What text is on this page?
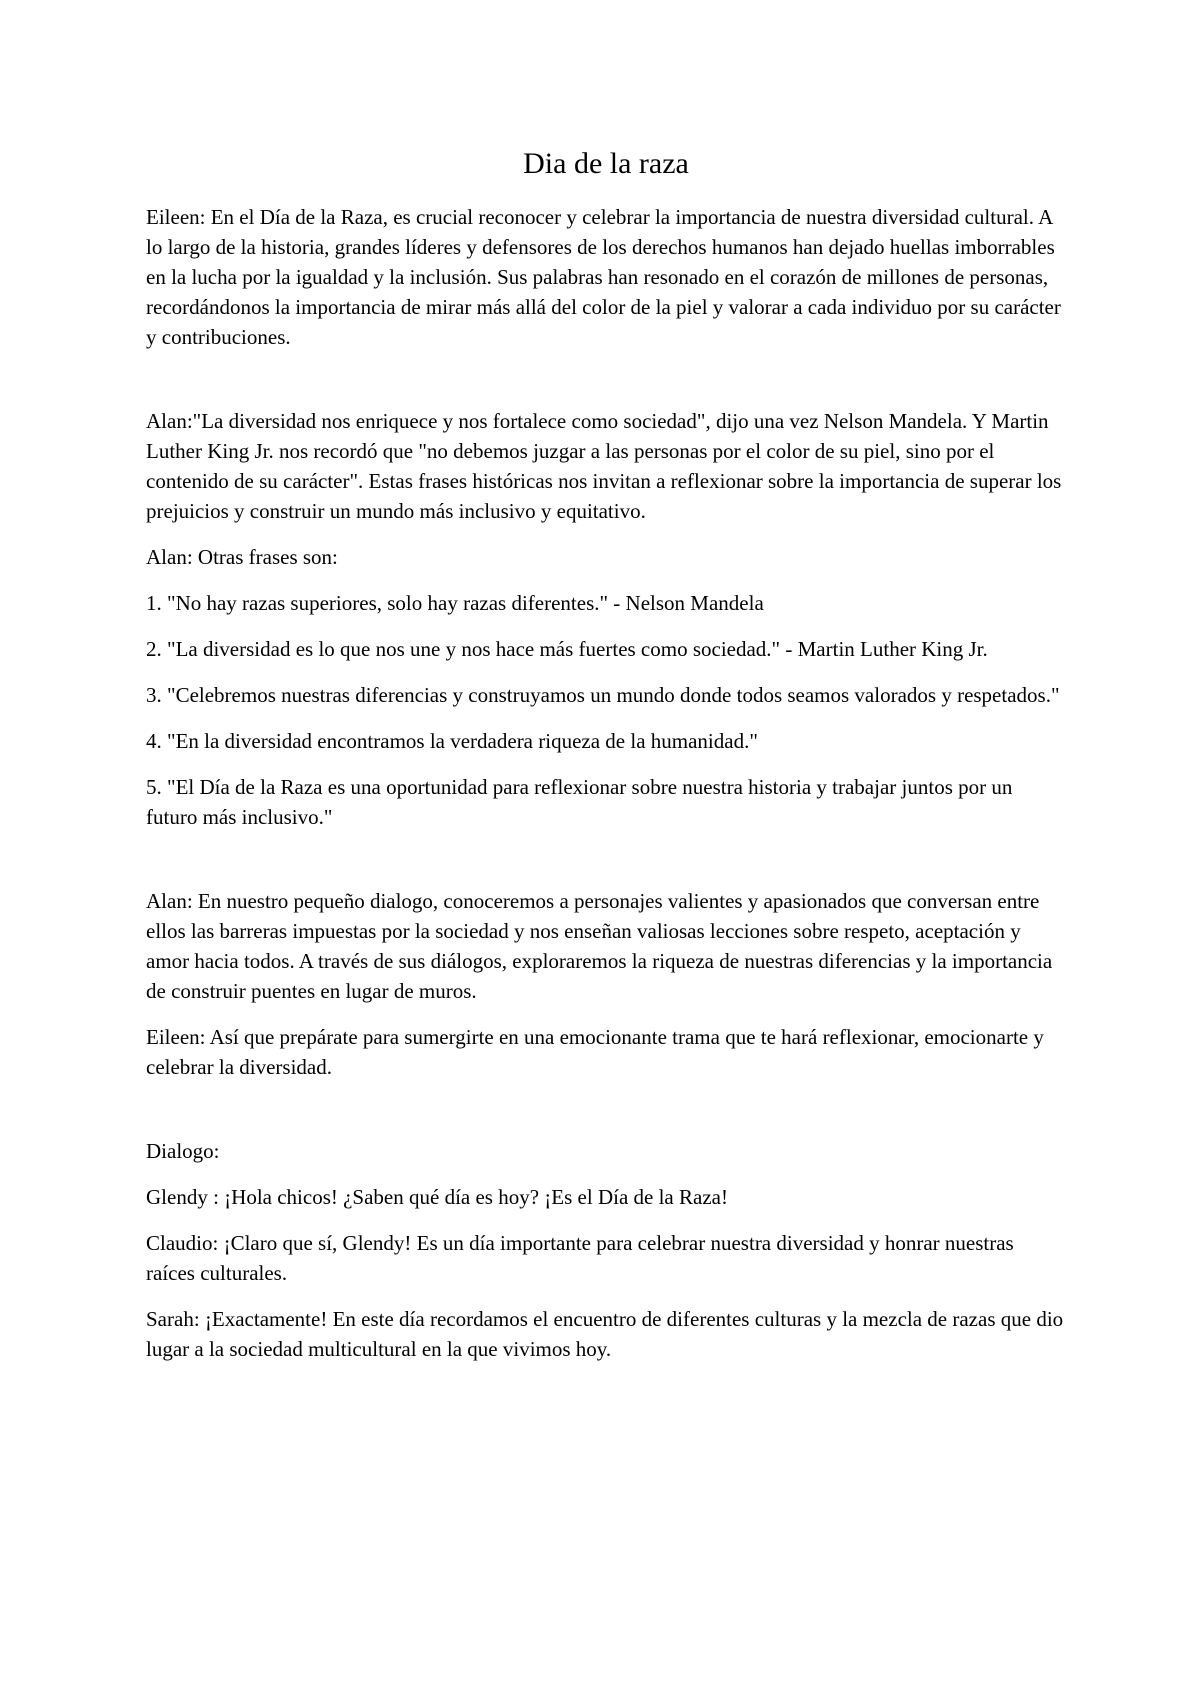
Dia de la raza

Eileen: En el Día de la Raza, es crucial reconocer y celebrar la importancia de nuestra diversidad cultural. A lo largo de la historia, grandes líderes y defensores de los derechos humanos han dejado huellas imborrables en la lucha por la igualdad y la inclusión. Sus palabras han resonado en el corazón de millones de personas, recordándonos la importancia de mirar más allá del color de la piel y valorar a cada individuo por su carácter y contribuciones.

Alan:"La diversidad nos enriquece y nos fortalece como sociedad", dijo una vez Nelson Mandela. Y Martin Luther King Jr. nos recordó que "no debemos juzgar a las personas por el color de su piel, sino por el contenido de su carácter". Estas frases históricas nos invitan a reflexionar sobre la importancia de superar los prejuicios y construir un mundo más inclusivo y equitativo.

Alan: Otras frases son:

1. "No hay razas superiores, solo hay razas diferentes." - Nelson Mandela

2. "La diversidad es lo que nos une y nos hace más fuertes como sociedad." - Martin Luther King Jr.

3. "Celebremos nuestras diferencias y construyamos un mundo donde todos seamos valorados y respetados."

4. "En la diversidad encontramos la verdadera riqueza de la humanidad."

5. "El Día de la Raza es una oportunidad para reflexionar sobre nuestra historia y trabajar juntos por un futuro más inclusivo."

Alan: En nuestro pequeño dialogo, conoceremos a personajes valientes y apasionados que conversan entre ellos las barreras impuestas por la sociedad y nos enseñan valiosas lecciones sobre respeto, aceptación y amor hacia todos. A través de sus diálogos, exploraremos la riqueza de nuestras diferencias y la importancia de construir puentes en lugar de muros.

Eileen: Así que prepárate para sumergirte en una emocionante trama que te hará reflexionar, emocionarte y celebrar la diversidad.

Dialogo:

Glendy : ¡Hola chicos! ¿Saben qué día es hoy? ¡Es el Día de la Raza!

Claudio: ¡Claro que sí, Glendy! Es un día importante para celebrar nuestra diversidad y honrar nuestras raíces culturales.

Sarah: ¡Exactamente! En este día recordamos el encuentro de diferentes culturas y la mezcla de razas que dio lugar a la sociedad multicultural en la que vivimos hoy.
